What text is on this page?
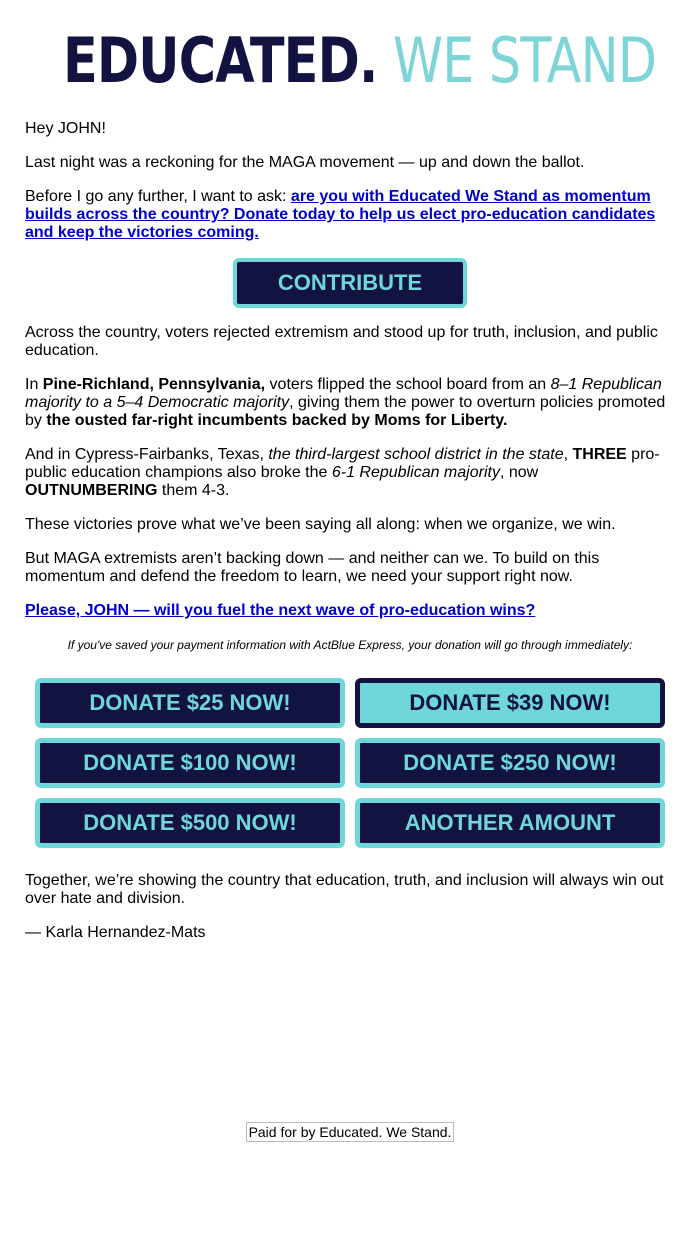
EDUCATED. WE STAND

Hey JOHN!

Last night was a reckoning for the MAGA movement — up and down the ballot.

Before I go any further, I want to ask: are you with Educated We Stand as momentum builds across the country? Donate today to help us elect pro-education candidates and keep the victories coming.

CONTRIBUTE

Across the country, voters rejected extremism and stood up for truth, inclusion, and public education.

In Pine-Richland, Pennsylvania, voters flipped the school board from an 8–1 Republican majority to a 5–4 Democratic majority, giving them the power to overturn policies promoted by the ousted far-right incumbents backed by Moms for Liberty.

And in Cypress-Fairbanks, Texas, the third-largest school district in the state, THREE pro-public education champions also broke the 6-1 Republican majority, now OUTNUMBERING them 4-3.

These victories prove what we’ve been saying all along: when we organize, we win.

But MAGA extremists aren’t backing down — and neither can we. To build on this momentum and defend the freedom to learn, we need your support right now.

Please, JOHN — will you fuel the next wave of pro-education wins?

If you've saved your payment information with ActBlue Express, your donation will go through immediately:

DONATE $25 NOW!	DONATE $39 NOW!
DONATE $100 NOW!	DONATE $250 NOW!
DONATE $500 NOW!	ANOTHER AMOUNT

Together, we’re showing the country that education, truth, and inclusion will always win out over hate and division.

— Karla Hernandez-Mats

Paid for by Educated. We Stand.
